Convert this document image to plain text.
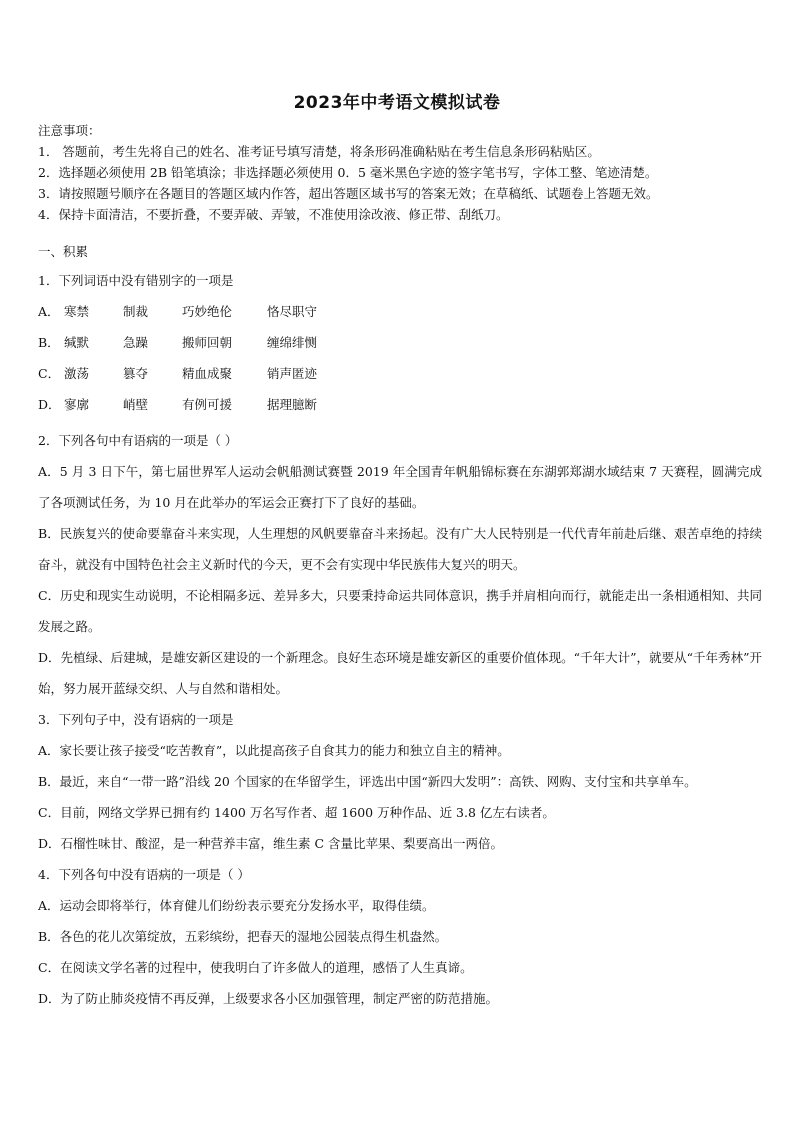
2023年中考语文模拟试卷
注意事项：
1． 答题前，考生先将自己的姓名、准考证号填写清楚，将条形码准确粘贴在考生信息条形码粘贴区。
2．选择题必须使用 2B 铅笔填涂；非选择题必须使用 0．5 毫米黑色字迹的签字笔书写，字体工整、笔迹清楚。
3．请按照题号顺序在各题目的答题区域内作答，超出答题区域书写的答案无效；在草稿纸、试题卷上答题无效。
4．保持卡面清洁，不要折叠，不要弄破、弄皱，不准使用涂改液、修正带、刮纸刀。
一、积累
1．下列词语中没有错别字的一项是
A． 寒禁	制裁	巧妙绝伦	恪尽职守
B． 缄默	急躁	搬师回朝	缠绵绯恻
C． 激荡	篡夺	精血成聚	销声匿迹
D． 寥廓	峭壁	有例可援	据理臆断
2．下列各句中有语病的一项是（ ）
A．5 月 3 日下午，第七届世界军人运动会帆船测试赛暨 2019 年全国青年帆船锦标赛在东湖郭郑湖水域结束 7 天赛程，圆满完成了各项测试任务，为 10 月在此举办的军运会正赛打下了良好的基础。
B．民族复兴的使命要靠奋斗来实现，人生理想的风帆要靠奋斗来扬起。没有广大人民特别是一代代青年前赴后继、艰苦卓绝的持续奋斗，就没有中国特色社会主义新时代的今天，更不会有实现中华民族伟大复兴的明天。
C．历史和现实生动说明，不论相隔多远、差异多大，只要秉持命运共同体意识，携手并肩相向而行，就能走出一条相通相知、共同发展之路。
D．先植绿、后建城，是雄安新区建设的一个新理念。良好生态环境是雄安新区的重要价值体现。“千年大计”，就要从“千年秀林”开始，努力展开蓝绿交织、人与自然和谐相处。
3．下列句子中，没有语病的一项是
A．家长要让孩子接受“吃苦教育”，以此提高孩子自食其力的能力和独立自主的精神。
B．最近，来自“一带一路”沿线 20 个国家的在华留学生，评选出中国“新四大发明”：高铁、网购、支付宝和共享单车。
C．目前，网络文学界已拥有约 1400 万名写作者、超 1600 万种作品、近 3.8 亿左右读者。
D．石榴性味甘、酸涩，是一种营养丰富，维生素 C 含量比苹果、梨要高出一两倍。
4．下列各句中没有语病的一项是（ ）
A．运动会即将举行，体育健儿们纷纷表示要充分发扬水平，取得佳绩。
B．各色的花儿次第绽放，五彩缤纷，把春天的湿地公园装点得生机盎然。
C．在阅读文学名著的过程中，使我明白了许多做人的道理，感悟了人生真谛。
D．为了防止肺炎疫情不再反弹，上级要求各小区加强管理，制定严密的防范措施。
